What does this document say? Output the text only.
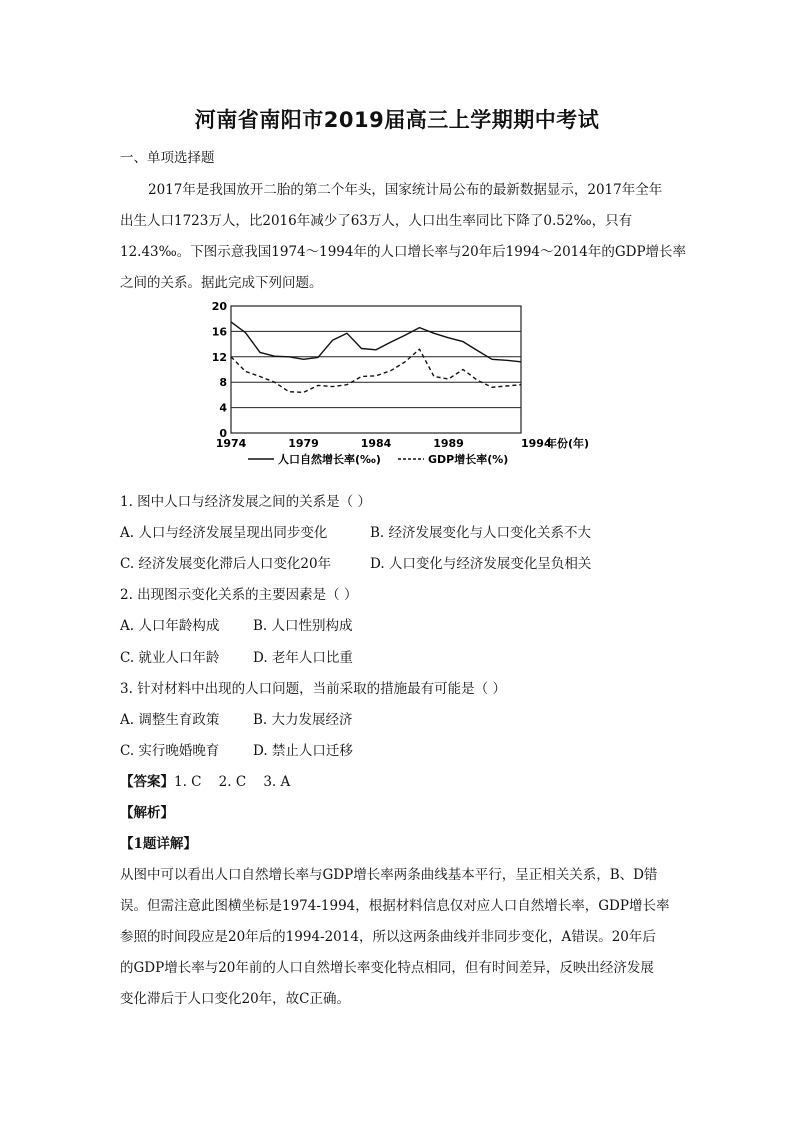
河南省南阳市2019届高三上学期期中考试
一、单项选择题
2017年是我国放开二胎的第二个年头，国家统计局公布的最新数据显示，2017年全年
出生人口1723万人，比2016年减少了63万人，人口出生率同比下降了0.52‰，只有
12.43‰。下图示意我国1974～1994年的人口增长率与20年后1994～2014年的GDP增长率
之间的关系。据此完成下列问题。
0
4
8
12
16
20
1974	1979	1984	1989	1994
年份(年)
人口自然增长率(‰)	GDP增长率(%)
1. 图中人口与经济发展之间的关系是（ ）
A. 人口与经济发展呈现出同步变化	B. 经济发展变化与人口变化关系不大
C. 经济发展变化滞后人口变化20年	D. 人口变化与经济发展变化呈负相关
2. 出现图示变化关系的主要因素是（ ）
A. 人口年龄构成 B. 人口性别构成
C. 就业人口年龄 D. 老年人口比重
3. 针对材料中出现的人口问题，当前采取的措施最有可能是（ ）
A. 调整生育政策 B. 大力发展经济
C. 实行晚婚晚育 D. 禁止人口迁移
【答案】1. C    2. C    3. A
【解析】
【1题详解】
从图中可以看出人口自然增长率与GDP增长率两条曲线基本平行，呈正相关关系，B、D错
误。但需注意此图横坐标是1974-1994，根据材料信息仅对应人口自然增长率，GDP增长率
参照的时间段应是20年后的1994-2014，所以这两条曲线并非同步变化，A错误。20年后
的GDP增长率与20年前的人口自然增长率变化特点相同，但有时间差异，反映出经济发展
变化滞后于人口变化20年，故C正确。
